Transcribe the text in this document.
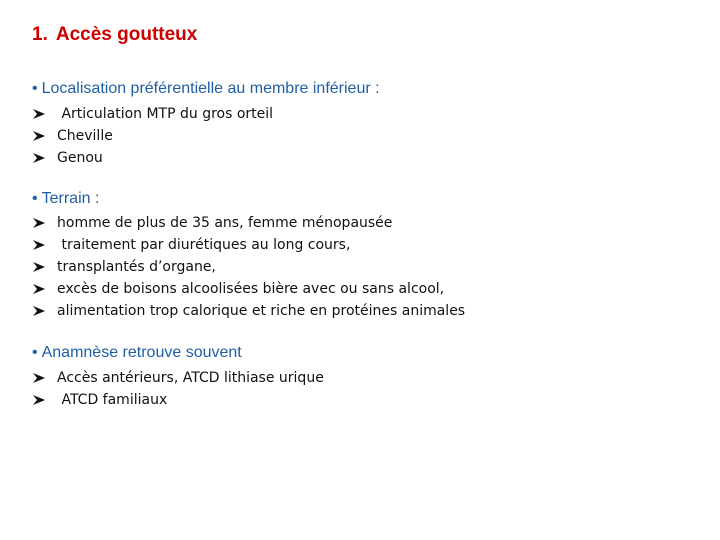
1. Accès goutteux
• Localisation préférentielle au membre inférieur :
Articulation MTP du gros orteil
Cheville
Genou
• Terrain :
homme de plus de 35 ans, femme ménopausée
traitement par diurétiques au long cours,
transplantés d’organe,
excès de boisons alcoolisées bière avec ou sans alcool,
alimentation trop calorique et riche en protéines animales
• Anamnèse retrouve souvent
Accès antérieurs, ATCD lithiase urique
ATCD familiaux
